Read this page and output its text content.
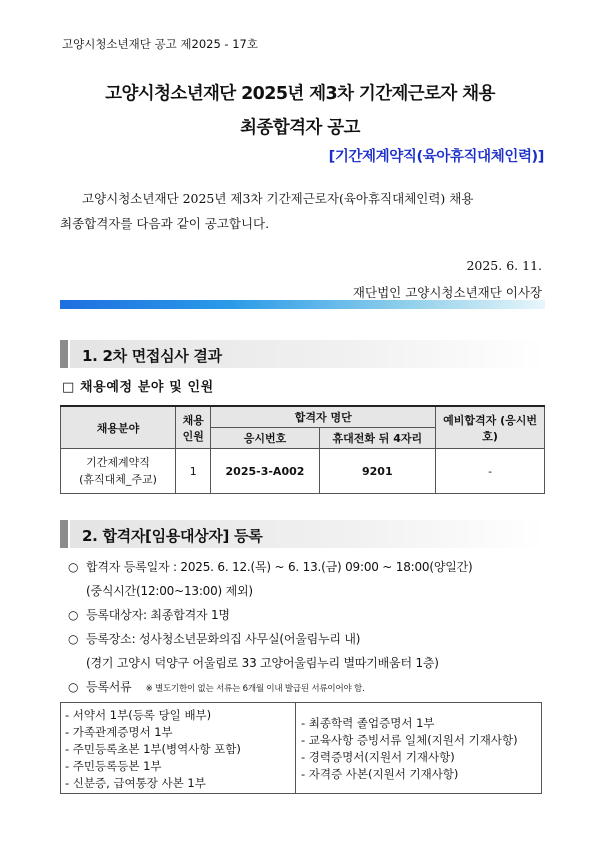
고양시청소년재단 공고 제2025 - 17호
고양시청소년재단 2025년 제3차 기간제근로자 채용
최종합격자 공고
[기간제계약직(육아휴직대체인력)]
고양시청소년재단 2025년 제3차 기간제근로자(육아휴직대체인력) 채용
최종합격자를 다음과 같이 공고합니다.
2025. 6. 11.
재단법인 고양시청소년재단 이사장
1. 2차 면접심사 결과
□ 채용예정 분야 및 인원
채용분야	채용 인원	합격자 명단		예비합격자 (응시번호)
		응시번호	휴대전화 뒤 4자리	

기간제계약직
(휴직대체_주교)	1	2025-3-A002	9201	-
2. 합격자[임용대상자] 등록
○ 합격자 등록일자 : 2025. 6. 12.(목) ~ 6. 13.(금) 09:00 ~ 18:00(양일간)
(중식시간(12:00~13:00) 제외)
○ 등록대상자: 최종합격자 1명
○ 등록장소: 성사청소년문화의집 사무실(어울림누리 내)
(경기 고양시 덕양구 어울림로 33 고양어울림누리 별따기배움터 1층)
○ 등록서류 ※ 별도기한이 없는 서류는 6개월 이내 발급된 서류이어야 함.
- 서약서 1부(등록 당일 배부)
- 가족관계증명서 1부
- 주민등록초본 1부(병역사항 포함)
- 주민등록등본 1부
- 신분증, 급여통장 사본 1부
- 최종학력 졸업증명서 1부
- 교육사항 증빙서류 일체(지원서 기재사항)
- 경력증명서(지원서 기재사항)
- 자격증 사본(지원서 기재사항)
